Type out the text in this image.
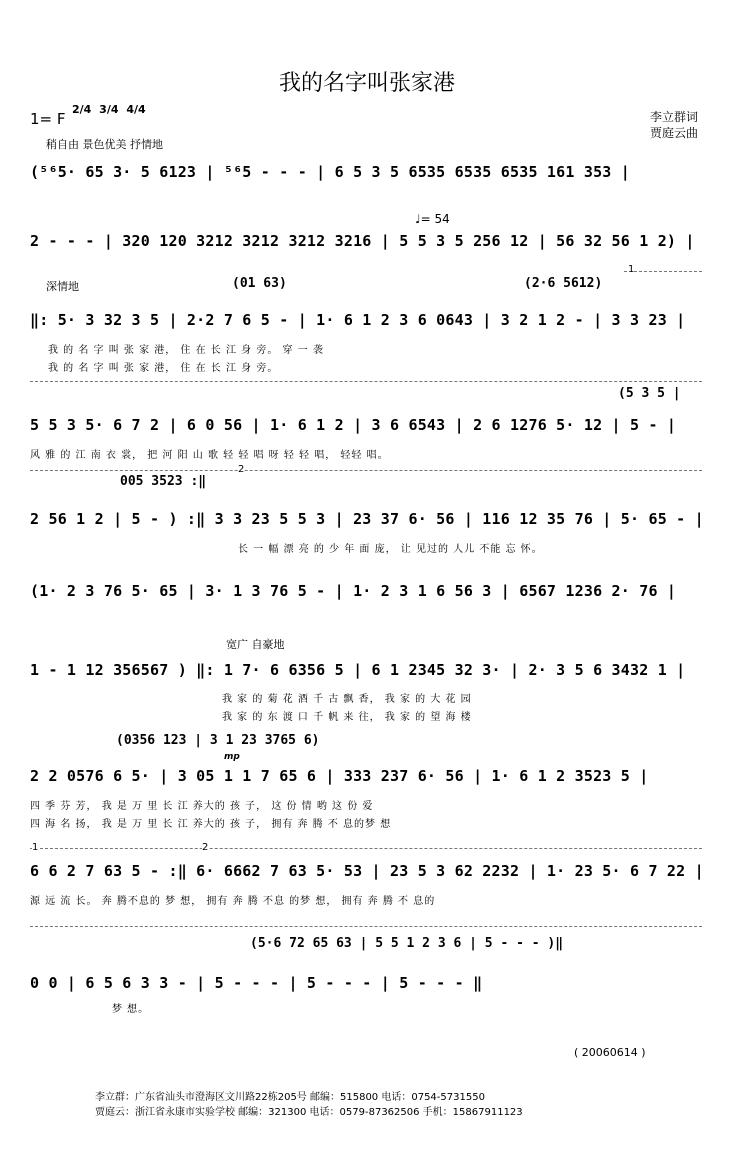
我的名字叫张家港
1= F
2/4 3/4 4/4
李立群词
贾庭云曲
稍自由 景色优美 抒情地
(⁵⁶5· 65 3· 5 6123 | ⁵⁶5 - - - | 6 5 3 5 6535 6535 6535 161 353 |
♩= 54
2 - - - | 320 120 3212 3212 3212 3216 | 5 5 3 5 256 12 | 56 32 56 1 2) |
深情地	(01 63)	(2·6 5612)
1
‖: 5· 3 32 3 5 | 2·2 7 6 5 - | 1· 6 1 2 3 6 0643 | 3 2 1 2 - | 3 3 23 |
我 的 名 字 叫 张 家 港， 住 在 长 江 身 旁。 穿 一 袭
我 的 名 字 叫 张 家 港， 住 在 长 江 身 旁。
(5 3 5 |
5 5 3 5· 6 7 2 | 6 0 56 | 1· 6 1 2 | 3 6 6543 | 2 6 1276 5· 12 | 5 - |
风 雅 的 江 南 衣 裳， 把 河 阳 山 歌 轻 轻 唱 呀 轻 轻 唱， 轻轻 唱。
2
005 3523 :‖
2 56 1 2 | 5 - ) :‖ 3 3 23 5 5 3 | 23 37 6· 56 | 116 12 35 76 | 5· 65 - |
长 一 幅 漂 亮 的 少 年 面 庞， 让 见过的 人儿 不能 忘 怀。
(1· 2 3 76 5· 65 | 3· 1 3 76 5 - | 1· 2 3 1 6 56 3 | 6567 1236 2· 76 |
宽广 自豪地
1 - 1 12 356567 ) ‖: 1 7· 6 6356 5 | 6 1 2345 32 3· | 2· 3 5 6 3432 1 |
我 家 的 菊 花 酒 千 古 飘 香， 我 家 的 大 花 园
我 家 的 东 渡 口 千 帆 来 往， 我 家 的 望 海 楼
(0356 123 | 3 1 23 3765 6)
mp
2 2 0576 6 5· | 3 05 1 1 7 65 6 | 333 237 6· 56 | 1· 6 1 2 3523 5 |
四 季 芬 芳， 我 是 万 里 长 江 养大的 孩 子， 这 份 情 哟 这 份 爱
四 海 名 扬， 我 是 万 里 长 江 养大的 孩 子， 拥有 奔 腾 不 息的梦 想
1	2
6 6 2 7 63 5 - :‖ 6· 6662 7 63 5· 53 | 23 5 3 62 2232 | 1· 23 5· 6 7 22 |
源 远 流 长。 奔 腾不息的 梦 想， 拥有 奔 腾 不息 的梦 想， 拥有 奔 腾 不 息的
(5·6 72 65 63 | 5 5 1 2 3 6 | 5 - - - )‖
0 0 | 6 5 6 3 3 - | 5 - - - | 5 - - - | 5 - - - ‖
梦 想。
( 20060614 )
李立群：广东省汕头市澄海区文川路22栋205号 邮编：515800 电话：0754-5731550
贾庭云：浙江省永康市实验学校 邮编：321300 电话：0579-87362506 手机：15867911123
